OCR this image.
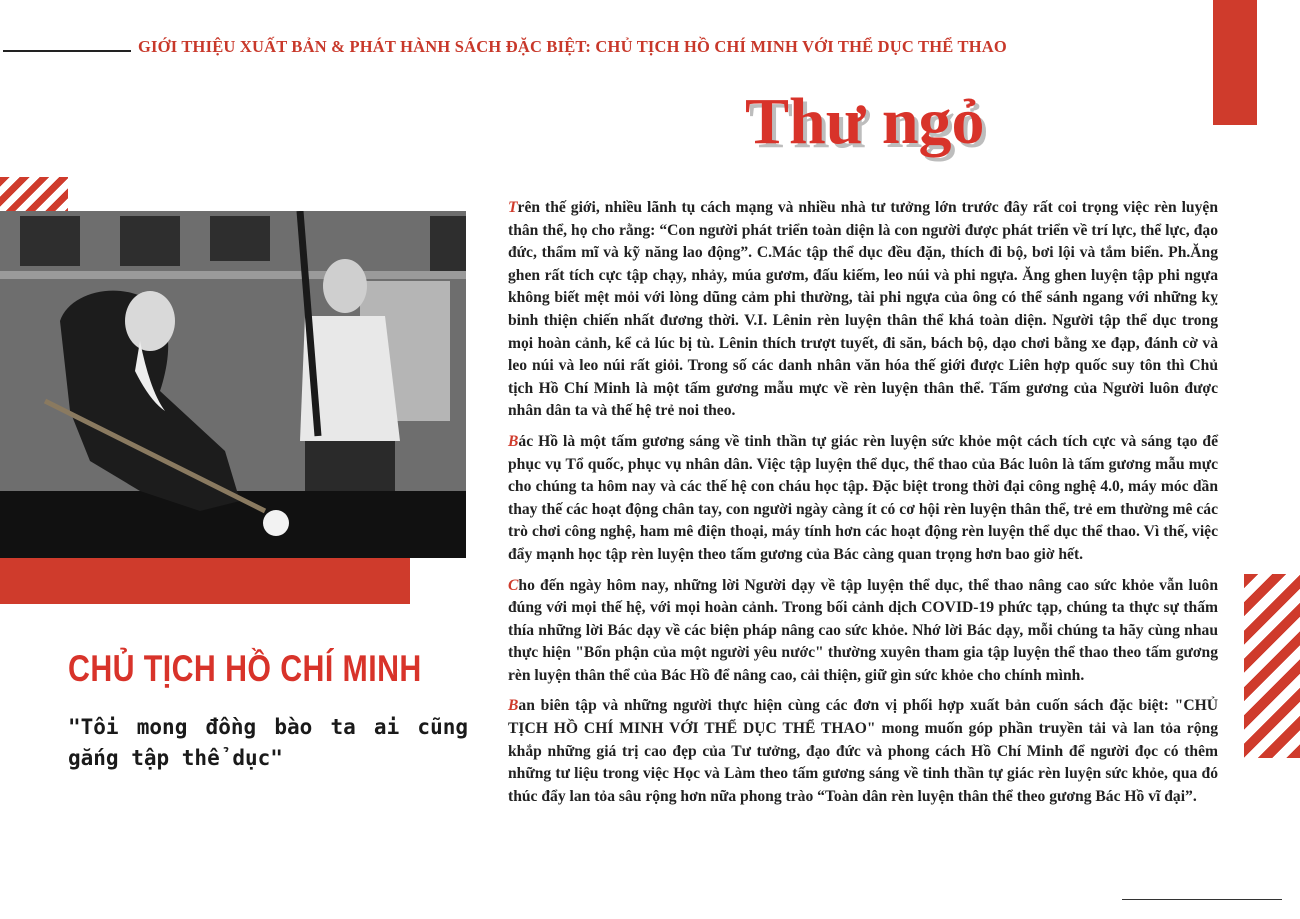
GIỚI THIỆU XUẤT BẢN & PHÁT HÀNH SÁCH ĐẶC BIỆT: CHỦ TỊCH HỒ CHÍ MINH VỚI THỂ DỤC THỂ THAO
Thư ngỏ
CHỦ TỊCH HỒ CHÍ MINH
"Tôi mong đồng bào ta ai cũng gắng tập thể dục"

Trên thế giới, nhiều lãnh tụ cách mạng và nhiều nhà tư tưởng lớn trước đây rất coi trọng việc rèn luyện thân thể, họ cho rằng: “Con người phát triển toàn diện là con người được phát triển về trí lực, thể lực, đạo đức, thẩm mĩ và kỹ năng lao động”. C.Mác tập thể dục đều đặn, thích đi bộ, bơi lội và tắm biển. Ph.Ăng ghen rất tích cực tập chạy, nhảy, múa gươm, đấu kiếm, leo núi và phi ngựa. Ăng ghen luyện tập phi ngựa không biết mệt mỏi với lòng dũng cảm phi thường, tài phi ngựa của ông có thể sánh ngang với những kỵ binh thiện chiến nhất đương thời. V.I. Lênin rèn luyện thân thể khá toàn diện. Người tập thể dục trong mọi hoàn cảnh, kể cả lúc bị tù. Lênin thích trượt tuyết, đi săn, bách bộ, dạo chơi bằng xe đạp, đánh cờ và leo núi và leo núi rất giỏi. Trong số các danh nhân văn hóa thế giới được Liên hợp quốc suy tôn thì Chủ tịch Hồ Chí Minh là một tấm gương mẫu mực về rèn luyện thân thể. Tấm gương của Người luôn được nhân dân ta và thế hệ trẻ noi theo.

Bác Hồ là một tấm gương sáng về tinh thần tự giác rèn luyện sức khỏe một cách tích cực và sáng tạo để phục vụ Tổ quốc, phục vụ nhân dân. Việc tập luyện thể dục, thể thao của Bác luôn là tấm gương mẫu mực cho chúng ta hôm nay và các thế hệ con cháu học tập. Đặc biệt trong thời đại công nghệ 4.0, máy móc dần thay thế các hoạt động chân tay, con người ngày càng ít có cơ hội rèn luyện thân thể, trẻ em thường mê các trò chơi công nghệ, ham mê điện thoại, máy tính hơn các hoạt động rèn luyện thể dục thể thao. Vì thế, việc đẩy mạnh học tập rèn luyện theo tấm gương của Bác càng quan trọng hơn bao giờ hết.

Cho đến ngày hôm nay, những lời Người dạy về tập luyện thể dục, thể thao nâng cao sức khỏe vẫn luôn đúng với mọi thế hệ, với mọi hoàn cảnh. Trong bối cảnh dịch COVID-19 phức tạp, chúng ta thực sự thấm thía những lời Bác dạy về các biện pháp nâng cao sức khỏe. Nhớ lời Bác dạy, mỗi chúng ta hãy cùng nhau thực hiện "Bổn phận của một người yêu nước" thường xuyên tham gia tập luyện thể thao theo tấm gương rèn luyện thân thể của Bác Hồ để nâng cao, cải thiện, giữ gìn sức khỏe cho chính mình.

Ban biên tập và những người thực hiện cùng các đơn vị phối hợp xuất bản cuốn sách đặc biệt: "CHỦ TỊCH HỒ CHÍ MINH VỚI THỂ DỤC THỂ THAO" mong muốn góp phần truyền tải và lan tỏa rộng khắp những giá trị cao đẹp của Tư tưởng, đạo đức và phong cách Hồ Chí Minh để người đọc có thêm những tư liệu trong việc Học và Làm theo tấm gương sáng về tinh thần tự giác rèn luyện sức khỏe, qua đó thúc đẩy lan tỏa sâu rộng hơn nữa phong trào “Toàn dân rèn luyện thân thể theo gương Bác Hồ vĩ đại”.
